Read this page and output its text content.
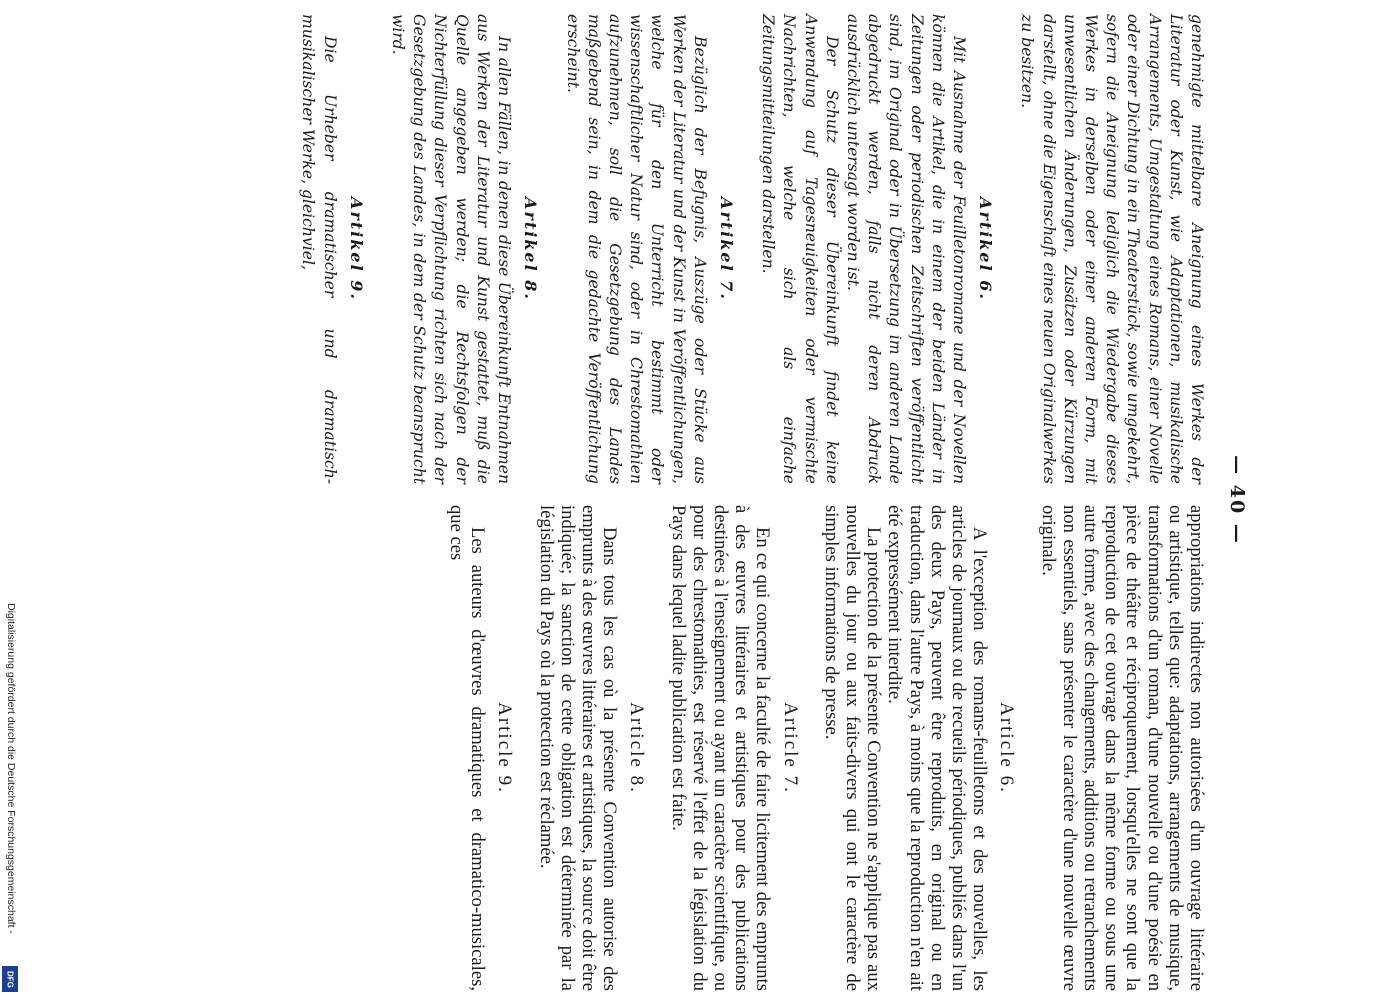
— 40 —

appropriations indirectes non autorisées d'un ouvrage littéraire ou artistique, telles que: adaptations, arrangements de musique, transformations d'un roman, d'une nouvelle ou d'une poésie en pièce de théâtre et réciproquement, lorsqu'elles ne sont que la reproduction de cet ouvrage dans la même forme ou sous une autre forme, avec des changements, additions ou retranchements non essentiels, sans présenter le caractère d'une nouvelle œuvre originale.

Article 6.

A l'exception des romans-feuilletons et des nouvelles, les articles de journaux ou de recueils périodiques, publiés dans l'un des deux Pays, peuvent être reproduits, en original ou en traduction, dans l'autre Pays, à moins que la reproduction n'en ait été expressément interdite.

La protection de la présente Convention ne s'applique pas aux nouvelles du jour ou aux faits-divers qui ont le caractère de simples informations de presse.

Article 7.

En ce qui concerne la faculté de faire licitement des emprunts à des œuvres littéraires et artistiques pour des publications destinées à l'enseignement ou ayant un caractère scientifique, ou pour des chrestomathies, est réservé l'effet de la législation du Pays dans lequel ladite publication est faite.

Article 8.

Dans tous les cas où la présente Convention autorise des emprunts à des œuvres littéraires et artistiques, la source doit être indiquée; la sanction de cette obligation est déterminée par la législation du Pays où la protection est réclamée.

Article 9.

Les auteurs d'œuvres dramatiques et dramatico-musicales, que ces

genehmigte mittelbare Aneignung eines Werkes der Literatur oder Kunst, wie Adaptationen, musikalische Arrangements, Umgestaltung eines Romans, einer Novelle oder einer Dichtung in ein Theaterstück, sowie umgekehrt, sofern die Aneignung lediglich die Wiedergabe dieses Werkes in derselben oder einer anderen Form, mit unwesentlichen Änderungen, Zusätzen oder Kürzungen darstellt, ohne die Eigenschaft eines neuen Originalwerkes zu besitzen.

Artikel 6.

Mit Ausnahme der Feuilletonromane und der Novellen können die Artikel, die in einem der beiden Länder in Zeitungen oder periodischen Zeitschriften veröffentlicht sind, im Original oder in Übersetzung im anderen Lande abgedruckt werden, falls nicht deren Abdruck ausdrücklich untersagt worden ist.

Der Schutz dieser Übereinkunft findet keine Anwendung auf Tagesneuigkeiten oder vermischte Nachrichten, welche sich als einfache Zeitungsmitteilungen darstellen.

Artikel 7.

Bezüglich der Befugnis, Auszüge oder Stücke aus Werken der Literatur und der Kunst in Veröffentlichungen, welche für den Unterricht bestimmt oder wissenschaftlicher Natur sind, oder in Chrestomathien aufzunehmen, soll die Gesetzgebung des Landes maßgebend sein, in dem die gedachte Veröffentlichung erscheint.

Artikel 8.

In allen Fällen, in denen diese Übereinkunft Entnahmen aus Werken der Literatur und Kunst gestattet, muß die Quelle angegeben werden; die Rechtsfolgen der Nichterfüllung dieser Verpflichtung richten sich nach der Gesetzgebung des Landes, in dem der Schutz beansprucht wird.

Artikel 9.

Die Urheber dramatischer und dramatisch-musikalischer Werke, gleichviel,

Digitalisierung gefördert durch die Deutsche Forschungsgemeinschaft -
DFG
